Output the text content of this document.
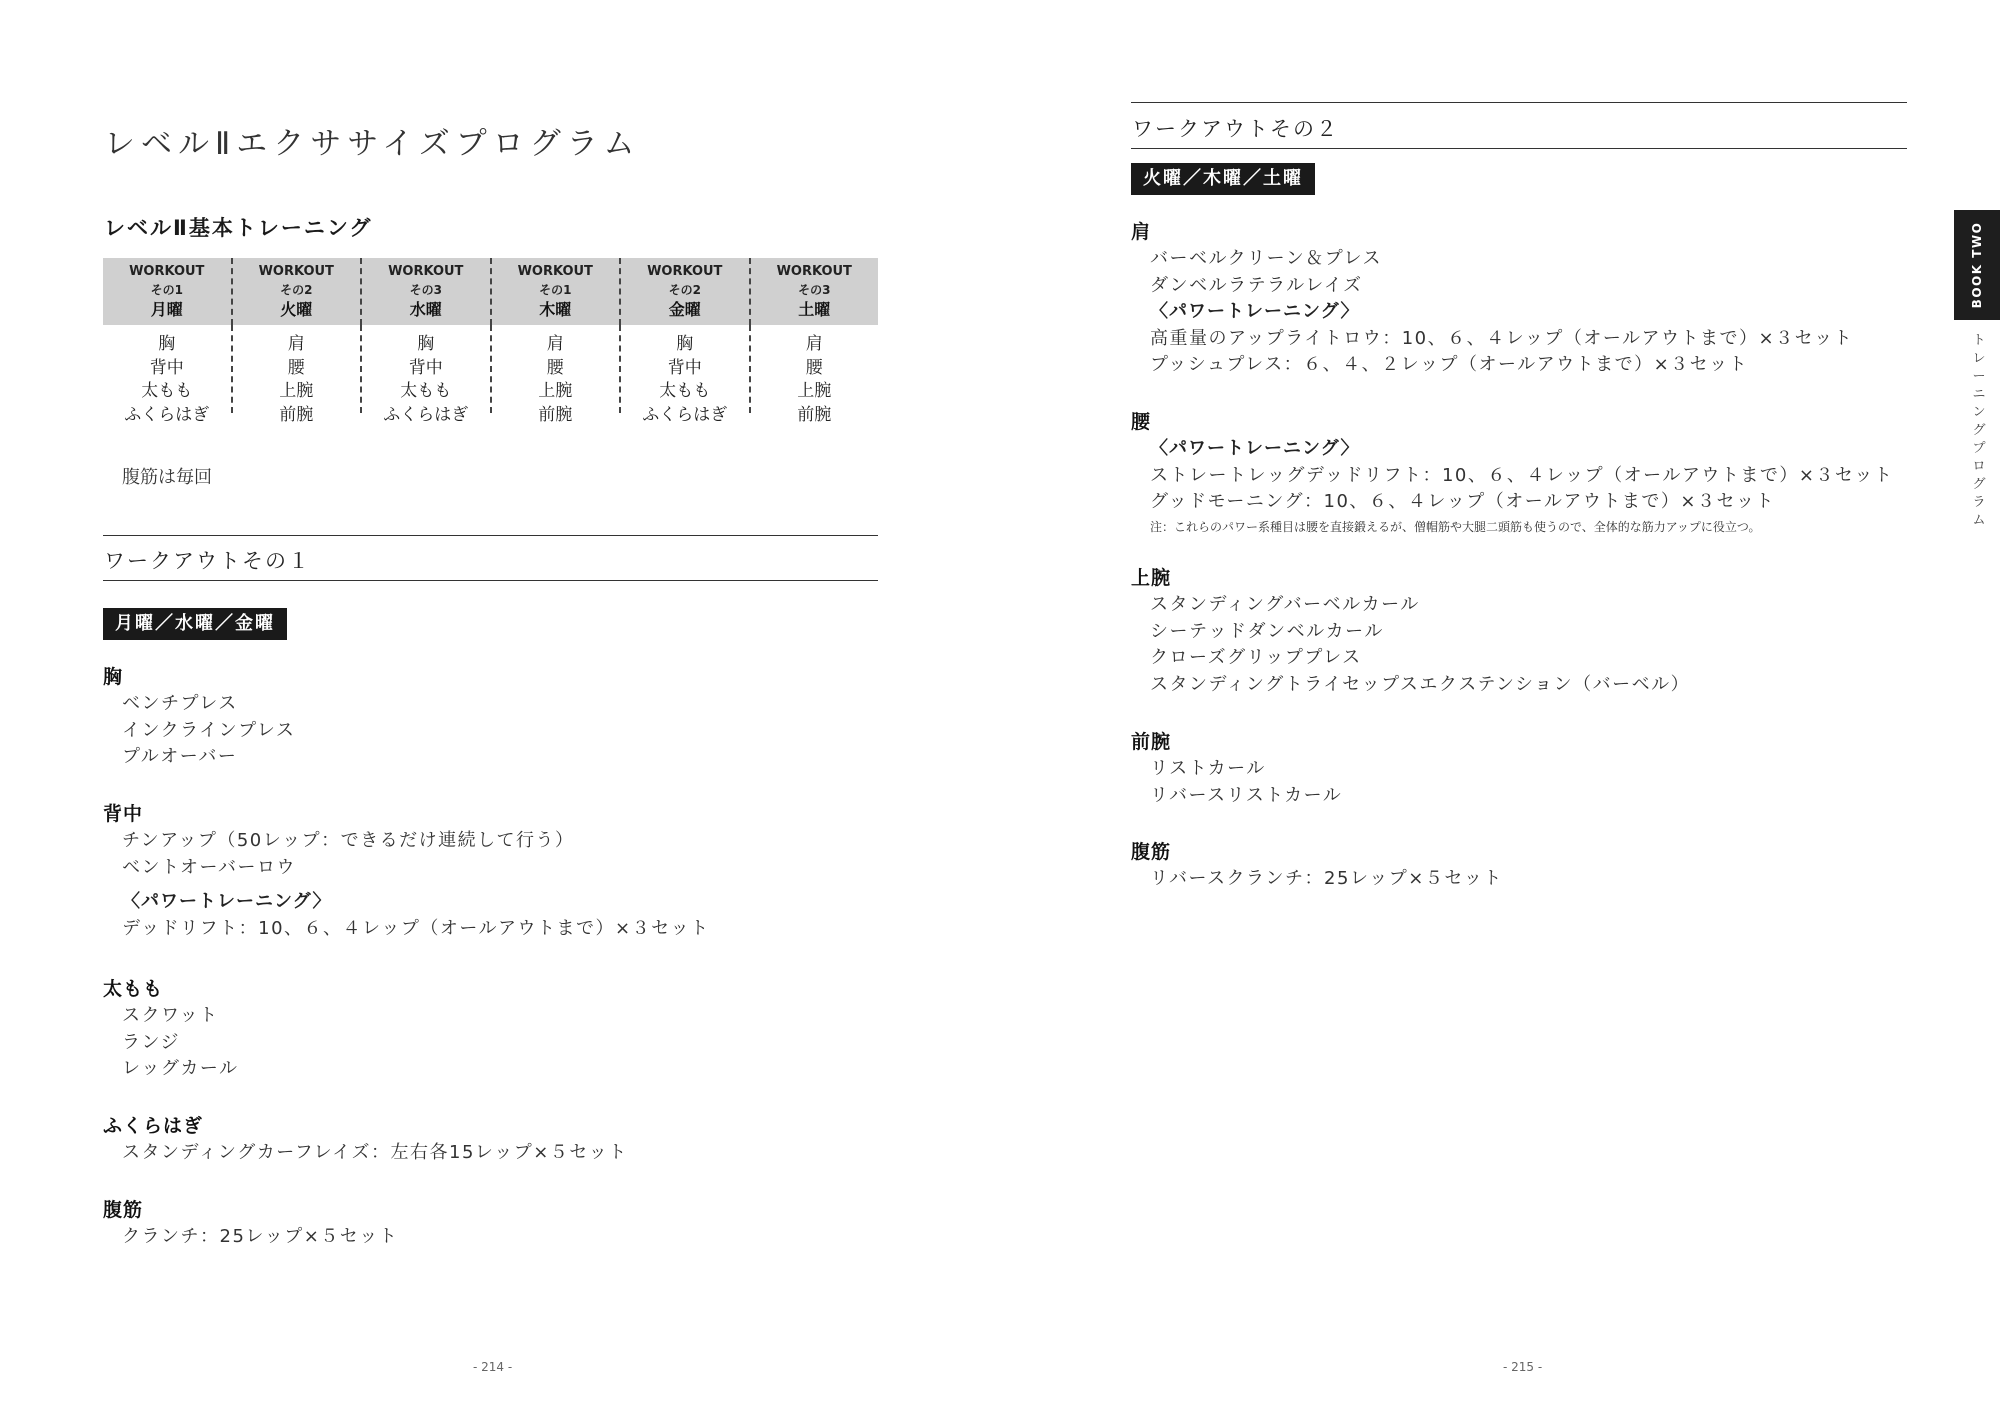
レベルⅡエクササイズプログラム
レベルⅡ基本トレーニング
WORKOUT
その1
月曜
WORKOUT
その2
火曜
WORKOUT
その3
水曜
WORKOUT
その1
木曜
WORKOUT
その2
金曜
WORKOUT
その3
土曜
胸
背中
太もも
ふくらはぎ
肩
腰
上腕
前腕
胸
背中
太もも
ふくらはぎ
肩
腰
上腕
前腕
胸
背中
太もも
ふくらはぎ
肩
腰
上腕
前腕
腹筋は毎回
ワークアウトその１
月曜／水曜／金曜
胸
ベンチプレス
インクラインプレス
プルオーバー
背中
チンアップ（50レップ：できるだけ連続して行う）
ベントオーバーロウ
〈パワートレーニング〉
デッドリフト：10、６、４レップ（オールアウトまで）×３セット
太もも
スクワット
ランジ
レッグカール
ふくらはぎ
スタンディングカーフレイズ：左右各15レップ×５セット
腹筋
クランチ：25レップ×５セット
- 214 -
ワークアウトその２
火曜／木曜／土曜
肩
バーベルクリーン＆プレス
ダンベルラテラルレイズ
〈パワートレーニング〉
高重量のアップライトロウ：10、６、４レップ（オールアウトまで）×３セット
プッシュプレス：６、４、２レップ（オールアウトまで）×３セット
腰
〈パワートレーニング〉
ストレートレッグデッドリフト：10、６、４レップ（オールアウトまで）×３セット
グッドモーニング：10、６、４レップ（オールアウトまで）×３セット
注：これらのパワー系種目は腰を直接鍛えるが、僧帽筋や大腿二頭筋も使うので、全体的な筋力アップに役立つ。
上腕
スタンディングバーベルカール
シーテッドダンベルカール
クローズグリッププレス
スタンディングトライセップスエクステンション（バーベル）
前腕
リストカール
リバースリストカール
腹筋
リバースクランチ：25レップ×５セット
- 215 -
BOOK TWO
トレーニングプログラム
